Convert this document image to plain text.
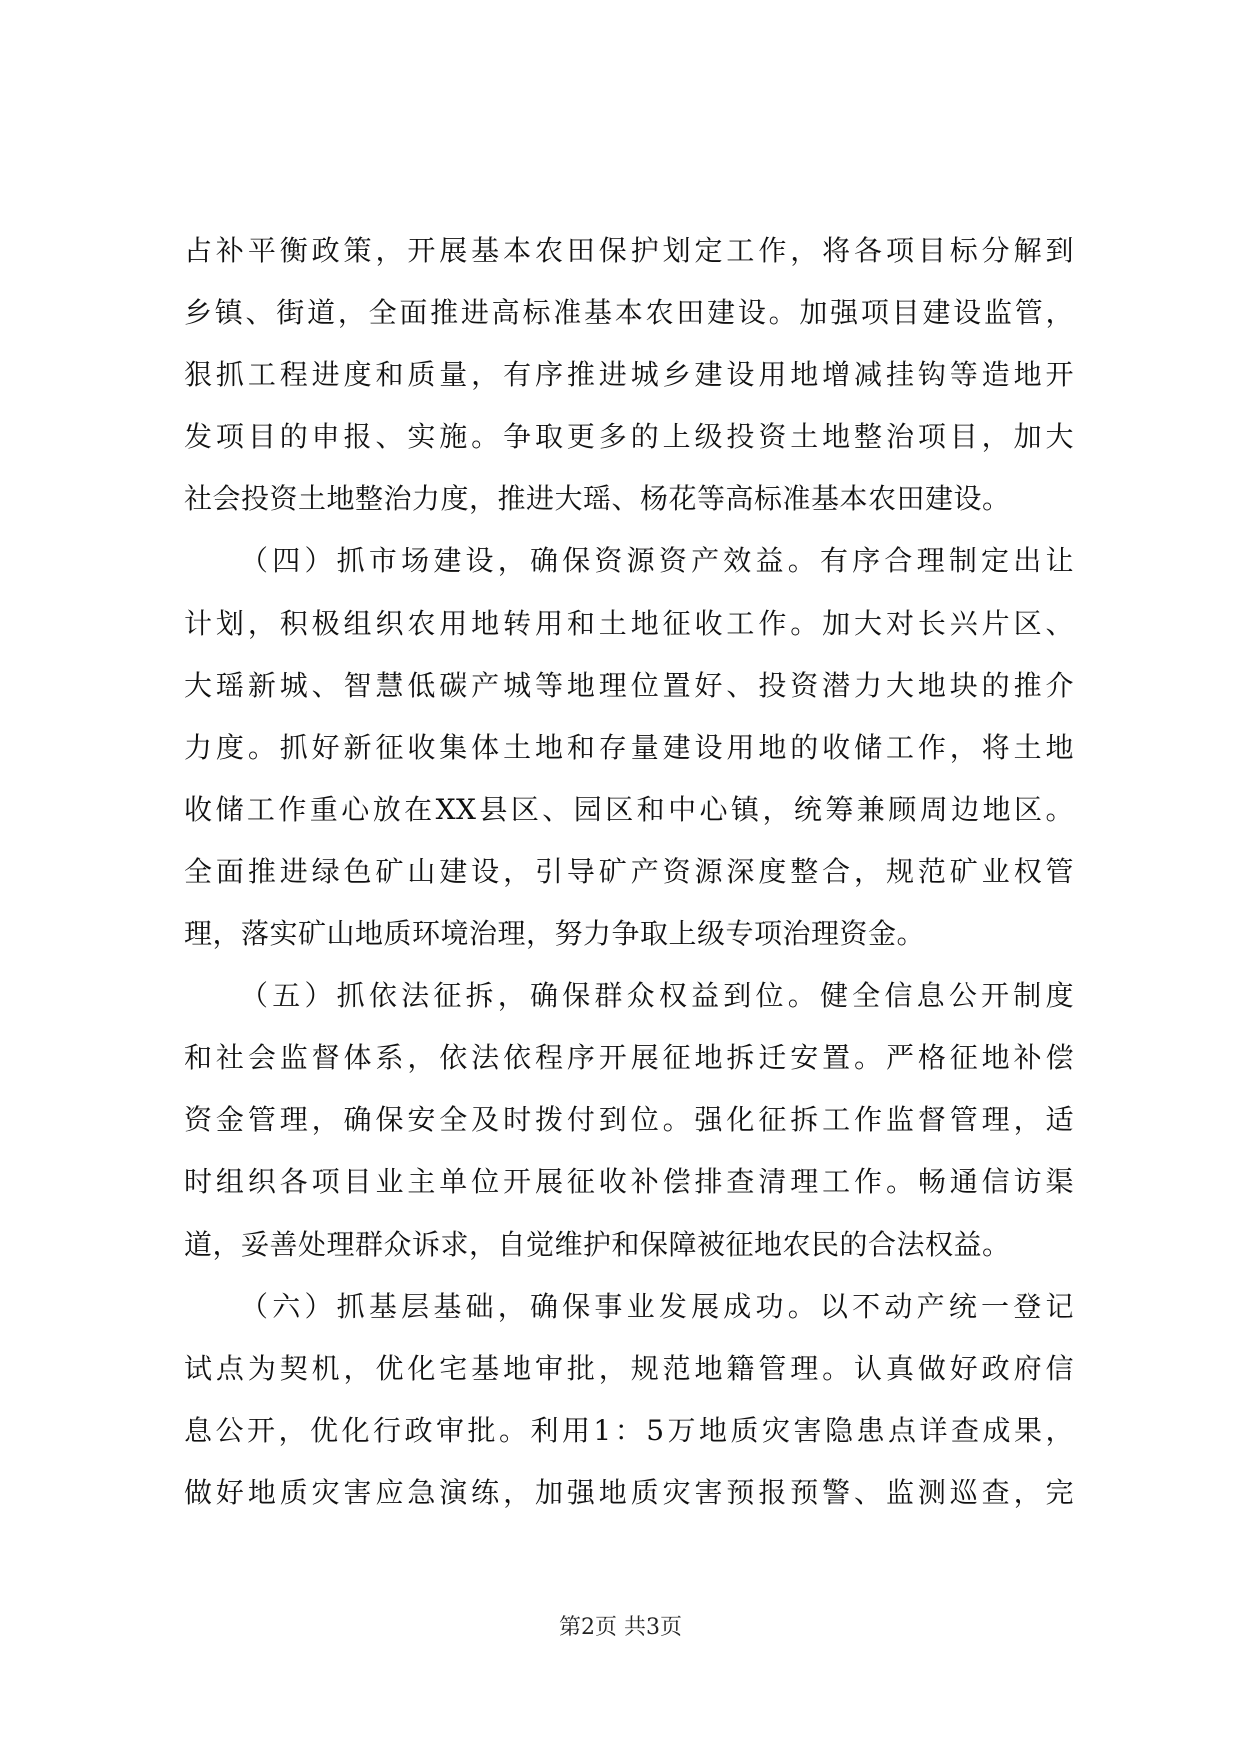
占补平衡政策，开展基本农田保护划定工作，将各项目标分解到
乡镇、街道，全面推进高标准基本农田建设。加强项目建设监管，
狠抓工程进度和质量，有序推进城乡建设用地增减挂钩等造地开
发项目的申报、实施。争取更多的上级投资土地整治项目，加大
社会投资土地整治力度，推进大瑶、杨花等高标准基本农田建设。
（四）抓市场建设，确保资源资产效益。有序合理制定出让
计划，积极组织农用地转用和土地征收工作。加大对长兴片区、
大瑶新城、智慧低碳产城等地理位置好、投资潜力大地块的推介
力度。抓好新征收集体土地和存量建设用地的收储工作，将土地
收储工作重心放在XX县区、园区和中心镇，统筹兼顾周边地区。
全面推进绿色矿山建设，引导矿产资源深度整合，规范矿业权管
理，落实矿山地质环境治理，努力争取上级专项治理资金。
（五）抓依法征拆，确保群众权益到位。健全信息公开制度
和社会监督体系，依法依程序开展征地拆迁安置。严格征地补偿
资金管理，确保安全及时拨付到位。强化征拆工作监督管理，适
时组织各项目业主单位开展征收补偿排查清理工作。畅通信访渠
道，妥善处理群众诉求，自觉维护和保障被征地农民的合法权益。
（六）抓基层基础，确保事业发展成功。以不动产统一登记
试点为契机，优化宅基地审批，规范地籍管理。认真做好政府信
息公开，优化行政审批。利用1：5万地质灾害隐患点详查成果，
做好地质灾害应急演练，加强地质灾害预报预警、监测巡查，完
第2页 共3页
